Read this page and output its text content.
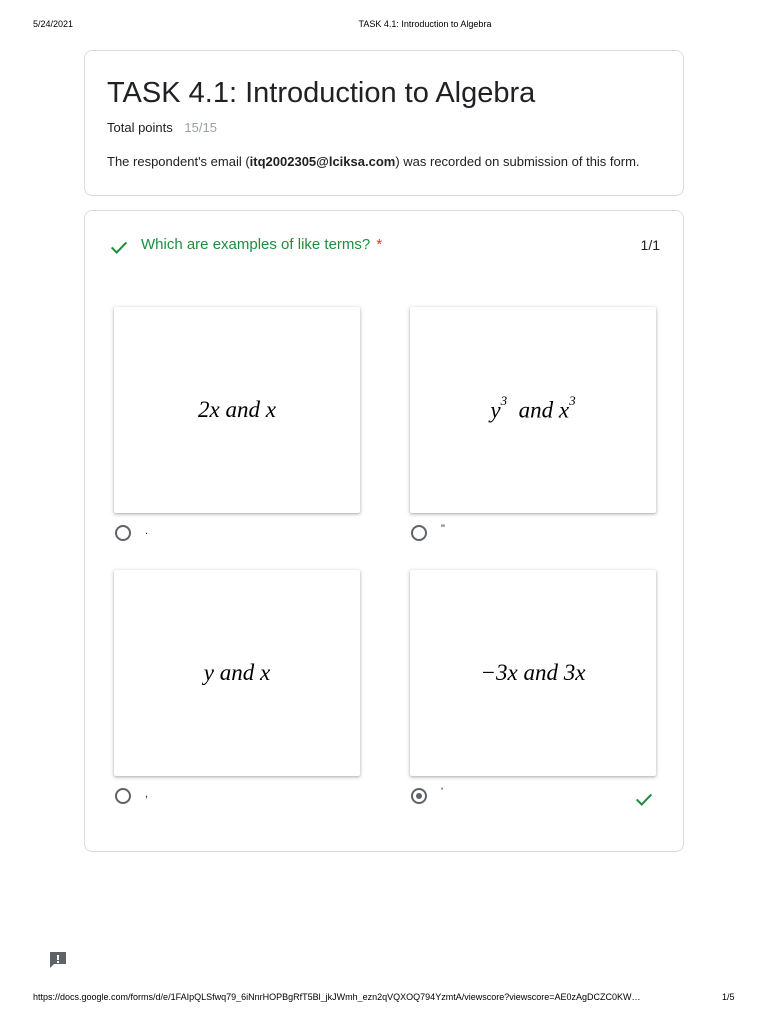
5/24/2021	TASK 4.1: Introduction to Algebra
TASK 4.1: Introduction to Algebra
Total points 15/15
The respondent's email (itq2002305@lciksa.com) was recorded on submission of this form.
Which are examples of like terms? *	1/1
2x and x
.
$y^3$ and $x^3$
"
y and x
,
−3x and 3x
'
https://docs.google.com/forms/d/e/1FAIpQLSfwq79_6iNnrHOPBgRfT5Bl_jkJWmh_ezn2qVQXOQ794YzmtA/viewscore?viewscore=AE0zAgDCZC0KW…	1/5
